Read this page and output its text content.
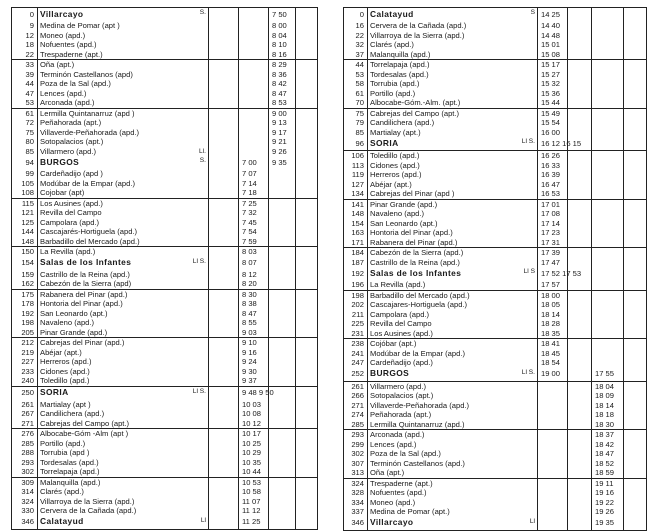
0	Villarcayo S.			7 50	
9	Medina de Pomar (apt )			8 00	
12	Moneo (apd.)			8 04	
18	Nofuentes (apd.)			8 10	
22	Trespaderne (apt.)			8 16	
33	Oña (apt.)			8 29	
39	Terminón Castellanos (apd)			8 36	
44	Poza de la Sal (apd.)			8 42	
47	Lences (apd.)			8 47	
53	Arconada (apd.)			8 53	
61	Lermilla Quintanarruz (apd )			9 00	
72	Peñahorada (apt.)			9 13	
75	Villaverde-Peñahorada (apd.)			9 17	
80	Sotopalacios (apt.)			9 21	
85	Villarmero (apd.) Ll.			9 26	
94	BURGOS S.		7 00	9 35	
99	Cardeñadijo (apd )		7 07		
105	Modúbar de la Empar (apd.)		7 14		
108	Cojobar (apt)		7 18		
115	Los Ausines (apd.)		7 25		
121	Revilla del Campo		7 32		
125	Campolara (apd.)		7 45		
144	Cascajarés-Hortiguela (apd.)		7 54		
148	Barbadillo del Mercado (apd.)		7 59		
150	La Revilla (apd.)		8 03		
154	Salas de los Infantes Ll S.		8 07		
159	Castrillo de la Reina (apd.)		8 12		
162	Cabezón de la Sierra (apd)		8 20		
175	Rabanera del Pinar (apd.)		8 30		
178	Hontoria del Pinar (apd.)		8 38		
192	San Leonardo (apt.)		8 47		
198	Navaleno (apd.)		8 55		
205	Pinar Grande (apd.)		9 03		
212	Cabrejas del Pinar (apd.)		9 10		
219	Abéjar (apt.)		9 16		
227	Herreros (apd.)		9 24		
233	Cidones (apd.)		9 30		
240	Toledillo (apd.)		9 37		
250	SORIA Ll S.		9 48 9 50		
261	Martialay (apt )		10 03		
267	Candilichera (apd.)		10 08		
271	Cabrejas del Campo (apt.)		10 12		
276	Albocabe-Góm -Alm (apt )		10 17		
285	Portillo (apd.)		10 25		
288	Torrubia (apd )		10 29		
293	Tordesalas (apd.)		10 35		
302	Torrelapaja (apd.)		10 44		
309	Malanquilla (apd.)		10 53		
314	Clarés (apd.)		10 58		
324	Villarroya de la Sierra (apd.)		11 07		
330	Cervera de la Cañada (apd.)		11 12		
346	Calatayud Ll		11 25		
0	Calatayud S	14 25			
16	Cervera de la Cañada (apd.)	14 40			
22	Villarroya de la Sierra (apd.)	14 48			
32	Clarés (apd.)	15 01			
37	Malanquilla (apd.)	15 08			
44	Torrelapaja (apd.)	15 17			
53	Tordesalas (apd.)	15 27			
58	Torrubia (apd.)	15 32			
61	Portillo (apd.)	15 36			
70	Albocabe-Góm.-Alm. (apt.)	15 44			
75	Cabrejas del Campo (apt.)	15 49			
79	Candilichera (apd.)	15 54			
85	Martialay (apt.)	16 00			
96	SORIA Ll S.	16 12 16 15			
106	Toledillo (apd.)	16 26			
113	Cidones (apd.)	16 33			
119	Herreros (apd.)	16 39			
127	Abéjar (apt.)	16 47			
134	Cabrejas del Pinar (apd )	16 53			
141	Pinar Grande (apd.)	17 01			
148	Navaleno (apd.)	17 08			
154	San Leonardo (apt.)	17 14			
163	Hontoria del Pinar (apd.)	17 23			
171	Rabanera del Pinar (apd.)	17 31			
184	Cabezón de la Sierra (apd.)	17 39			
187	Castrillo de la Reina (apd.)	17 47			
192	Salas de los Infantes Ll S	17 52 17 53			
196	La Revilla (apd.)	17 57			
198	Barbadillo del Mercado (apd.)	18 00			
202	Cascajares-Hortiguela (apd.)	18 05			
211	Campolara (apd.)	18 14			
225	Revilla del Campo	18 28			
231	Los Ausines (apd.)	18 35			
238	Cojóbar (apt.)	18 41			
241	Modúbar de la Empar (apd.)	18 45			
247	Cardeñadijo (apd.)	18 54			
252	BURGOS Ll S.	19 00		17 55	
261	Villarmero (apd.)			18 04	
266	Sotopalacios (apt.)			18 09	
271	Villaverde-Peñahorada (apd.)			18 14	
274	Peñahorada (apt.)			18 18	
285	Lermilla Quintanarruz (apd.)			18 30	
293	Arconada (apd.)			18 37	
299	Lences (apd.)			18 42	
302	Poza de la Sal (apd.)			18 47	
307	Terminón Castellanos (apd.)			18 52	
313	Oña (apt.)			18 59	
324	Trespaderne (apt.)			19 11	
328	Nofuentes (apd.)			19 16	
334	Moneo (apd.)			19 22	
337	Medina de Pomar (apt.)			19 26	
346	Villarcayo Ll			19 35	
